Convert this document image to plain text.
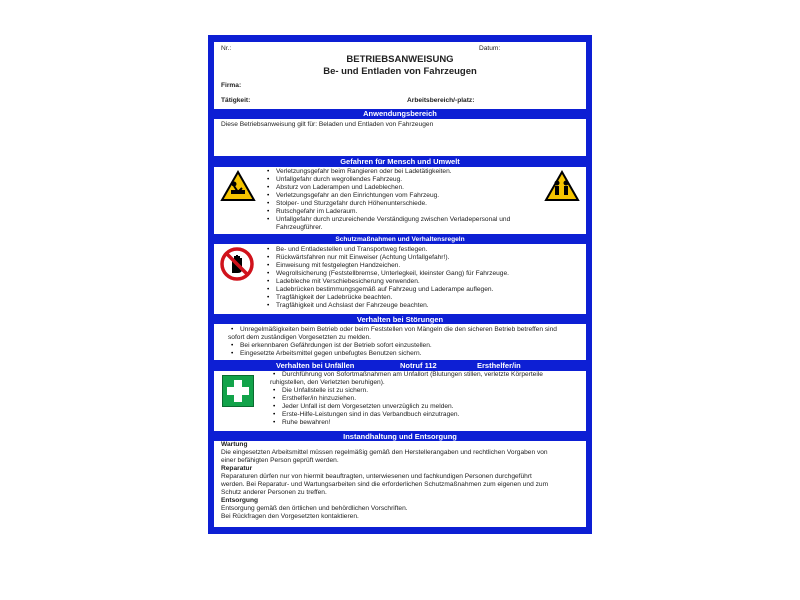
Nr.:	Datum:
BETRIEBSANWEISUNG
Be- und Entladen von Fahrzeugen
Firma:
Tätigkeit:	Arbeitsbereich/-platz:
Anwendungsbereich
Diese Betriebsanweisung gilt für: Beladen und Entladen von Fahrzeugen
Gefahren für Mensch und Umwelt
• Verletzungsgefahr beim Rangieren oder bei Ladetätigkeiten.
• Unfallgefahr durch wegrollendes Fahrzeug.
• Absturz von Laderampen und Ladeblechen.
• Verletzungsgefahr an den Einrichtungen vom Fahrzeug.
• Stolper- und Sturzgefahr durch Höhenunterschiede.
• Rutschgefahr im Laderaum.
• Unfallgefahr durch unzureichende Verständigung zwischen Verladepersonal und
Fahrzeugführer.
Schutzmaßnahmen und Verhaltensregeln
• Be- und Entladestellen und Transportweg festlegen.
• Rückwärtsfahren nur mit Einweiser (Achtung Unfallgefahr!).
• Einweisung mit festgelegten Handzeichen.
• Wegrollsicherung (Feststellbremse, Unterlegkeil, kleinster Gang) für Fahrzeuge.
• Ladebleche mit Verschiebesicherung verwenden.
• Ladebrücken bestimmungsgemäß auf Fahrzeug und Laderampe auflegen.
• Tragfähigkeit der Ladebrücke beachten.
• Tragfähigkeit und Achslast der Fahrzeuge beachten.
Verhalten bei Störungen
• Unregelmäßigkeiten beim Betrieb oder beim Feststellen von Mängeln die den sicheren Betrieb betreffen sind
sofort dem zuständigen Vorgesetzten zu melden.
• Bei erkennbaren Gefährdungen ist der Betrieb sofort einzustellen.
• Eingesetzte Arbeitsmittel gegen unbefugtes Benutzen sichern.
Verhalten bei Unfällen	Notruf 112	Ersthelfer/in
• Durchführung von Sofortmaßnahmen am Unfallort (Blutungen stillen, verletzte Körperteile
ruhigstellen, den Verletzten beruhigen).
• Die Unfallstelle ist zu sichern.
• Ersthelfer/in hinzuziehen.
• Jeder Unfall ist dem Vorgesetzten unverzüglich zu melden.
• Erste-Hilfe-Leistungen sind in das Verbandbuch einzutragen.
• Ruhe bewahren!
Instandhaltung und Entsorgung
Wartung
Die eingesetzten Arbeitsmittel müssen regelmäßig gemäß den Herstellerangaben und rechtlichen Vorgaben von
einer befähigten Person geprüft werden.
Reparatur
Reparaturen dürfen nur von hiermit beauftragten, unterwiesenen und fachkundigen Personen durchgeführt
werden. Bei Reparatur- und Wartungsarbeiten sind die erforderlichen Schutzmaßnahmen zum eigenen und zum
Schutz anderer Personen zu treffen.
Entsorgung
Entsorgung gemäß den örtlichen und behördlichen Vorschriften.
Bei Rückfragen den Vorgesetzten kontaktieren.
